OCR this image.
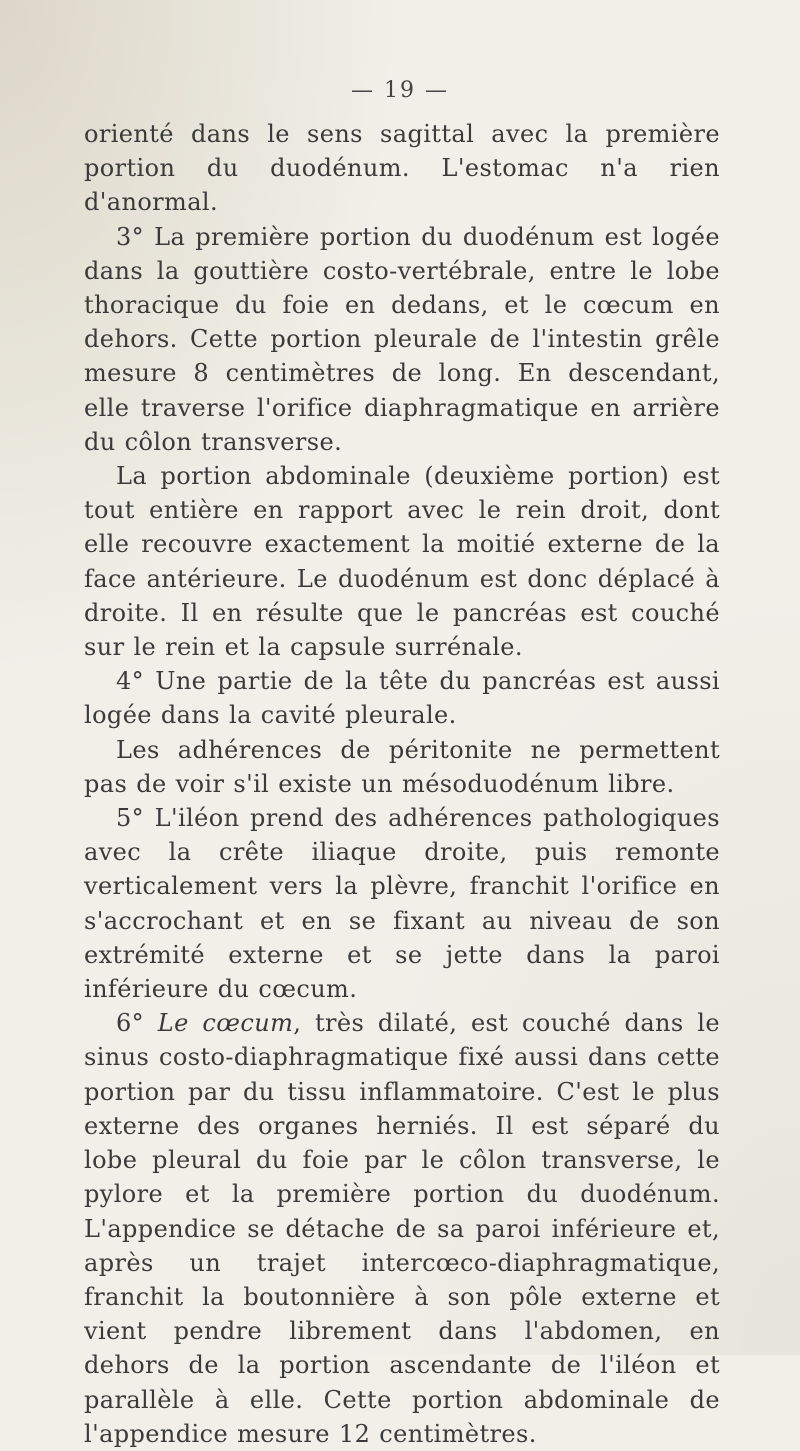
— 19 —

orienté dans le sens sagittal avec la première portion du duodénum. L'estomac n'a rien d'anormal.

3° La première portion du duodénum est logée dans la gouttière costo-vertébrale, entre le lobe thoracique du foie en dedans, et le cœcum en dehors. Cette portion pleurale de l'intestin grêle mesure 8 centimètres de long. En descendant, elle traverse l'orifice diaphragmatique en arrière du côlon transverse.

La portion abdominale (deuxième portion) est tout entière en rapport avec le rein droit, dont elle recouvre exactement la moitié externe de la face antérieure. Le duodénum est donc déplacé à droite. Il en résulte que le pancréas est couché sur le rein et la capsule surrénale.

4° Une partie de la tête du pancréas est aussi logée dans la cavité pleurale.

Les adhérences de péritonite ne permettent pas de voir s'il existe un mésoduodénum libre.

5° L'iléon prend des adhérences pathologiques avec la crête iliaque droite, puis remonte verticalement vers la plèvre, franchit l'orifice en s'accrochant et en se fixant au niveau de son extrémité externe et se jette dans la paroi inférieure du cœcum.

6° Le cœcum, très dilaté, est couché dans le sinus costo-diaphragmatique fixé aussi dans cette portion par du tissu inflammatoire. C'est le plus externe des organes herniés. Il est séparé du lobe pleural du foie par le côlon transverse, le pylore et la première portion du duodénum. L'appendice se détache de sa paroi inférieure et, après un trajet intercœco-diaphragmatique, franchit la boutonnière à son pôle externe et vient pendre librement dans l'abdomen, en dehors de la portion ascendante de l'iléon et parallèle à elle. Cette portion abdominale de l'appendice mesure 12 centimètres.
